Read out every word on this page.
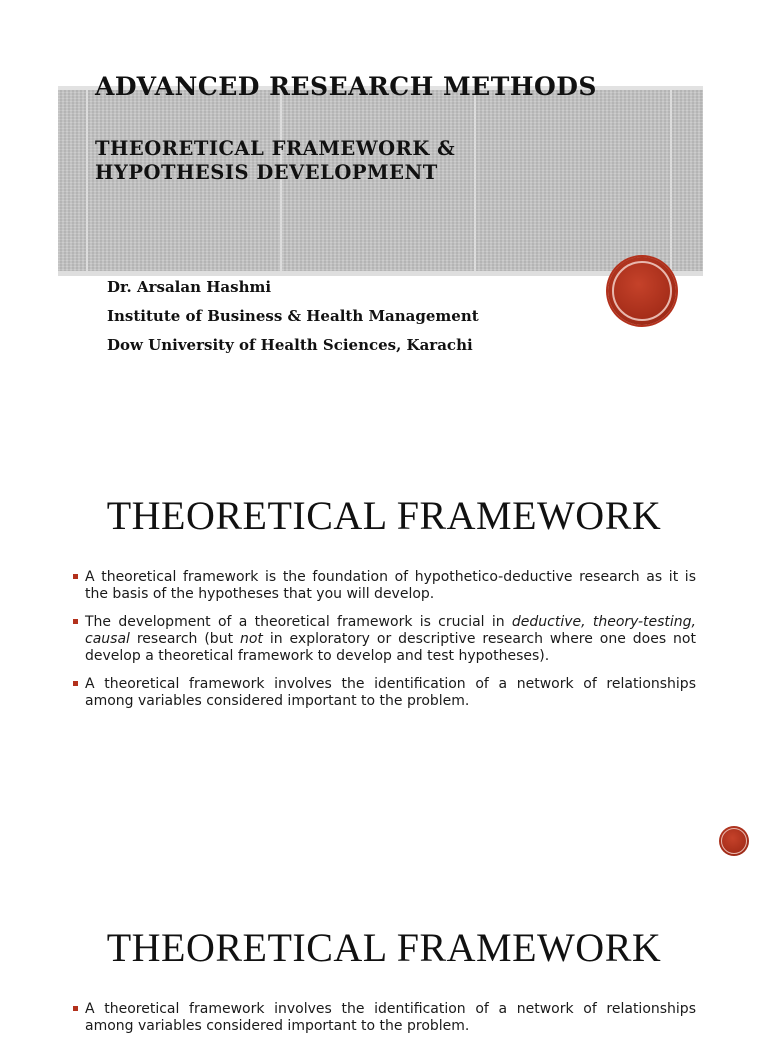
ADVANCED RESEARCH METHODS
THEORETICAL FRAMEWORK &
HYPOTHESIS DEVELOPMENT
Dr. Arsalan Hashmi
Institute of Business & Health Management
Dow University of Health Sciences, Karachi
THEORETICAL FRAMEWORK
A theoretical framework is the foundation of hypothetico-deductive research as it is the basis of the hypotheses that you will develop.
The development of a theoretical framework is crucial in deductive, theory-testing, causal research (but not in exploratory or descriptive research where one does not develop a theoretical framework to develop and test hypotheses).
A theoretical framework involves the identification of a network of relationships among variables considered important to the problem.
THEORETICAL FRAMEWORK
A theoretical framework involves the identification of a network of relationships among variables considered important to the problem.
